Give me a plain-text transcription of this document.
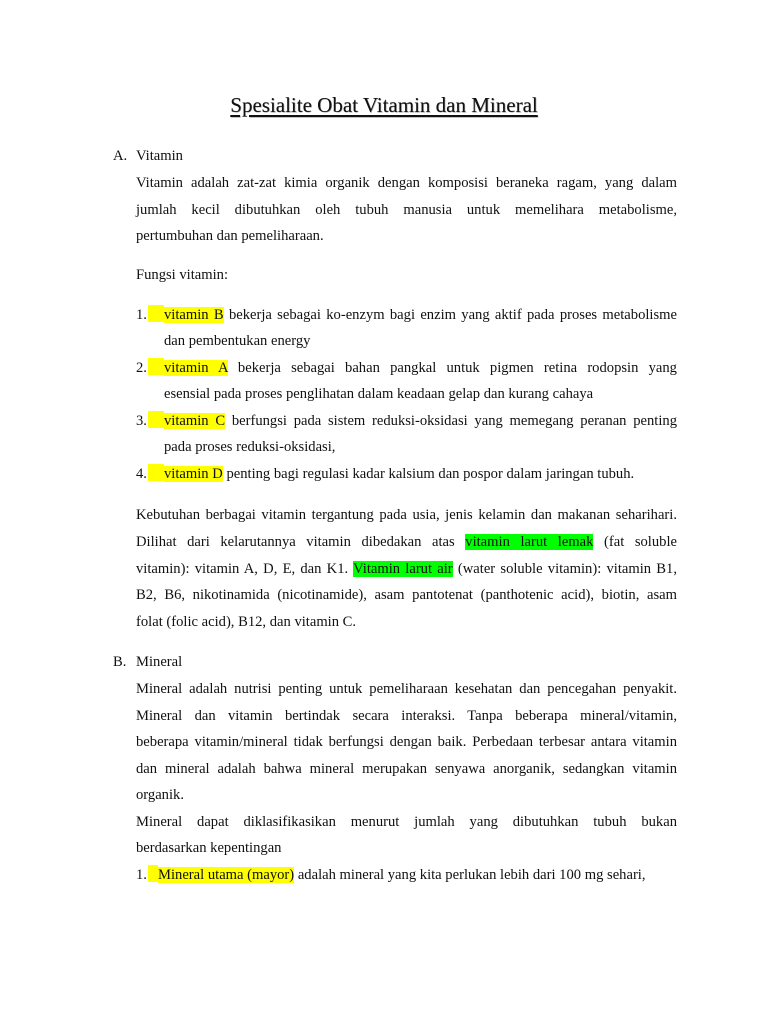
Spesialite Obat Vitamin dan Mineral
A. Vitamin
Vitamin adalah zat-zat kimia organik dengan komposisi beraneka ragam, yang dalam
jumlah kecil dibutuhkan oleh tubuh manusia untuk memelihara metabolisme,
pertumbuhan dan pemeliharaan.
Fungsi vitamin:
1.	vitamin B bekerja sebagai ko-enzym bagi enzim yang aktif pada proses metabolisme
dan pembentukan energy
2.	vitamin A bekerja sebagai bahan pangkal untuk pigmen retina rodopsin yang
esensial pada proses penglihatan dalam keadaan gelap dan kurang cahaya
3.	vitamin C berfungsi pada sistem reduksi-oksidasi yang memegang peranan penting
pada proses reduksi-oksidasi,
4.	vitamin D penting bagi regulasi kadar kalsium dan pospor dalam jaringan tubuh.
Kebutuhan berbagai vitamin tergantung pada usia, jenis kelamin dan makanan seharihari.
Dilihat dari kelarutannya vitamin dibedakan atas vitamin larut lemak (fat soluble
vitamin): vitamin A, D, E, dan K1. Vitamin larut air (water soluble vitamin): vitamin B1,
B2, B6, nikotinamida (nicotinamide), asam pantotenat (panthotenic acid), biotin, asam
folat (folic acid), B12, dan vitamin C.
B. Mineral
Mineral adalah nutrisi penting untuk pemeliharaan kesehatan dan pencegahan penyakit.
Mineral dan vitamin bertindak secara interaksi. Tanpa beberapa mineral/vitamin,
beberapa vitamin/mineral tidak berfungsi dengan baik. Perbedaan terbesar antara vitamin
dan mineral adalah bahwa mineral merupakan senyawa anorganik, sedangkan vitamin
organik.
Mineral dapat diklasifikasikan menurut jumlah yang dibutuhkan tubuh bukan
berdasarkan kepentingan
1. Mineral utama (mayor) adalah mineral yang kita perlukan lebih dari 100 mg sehari,
